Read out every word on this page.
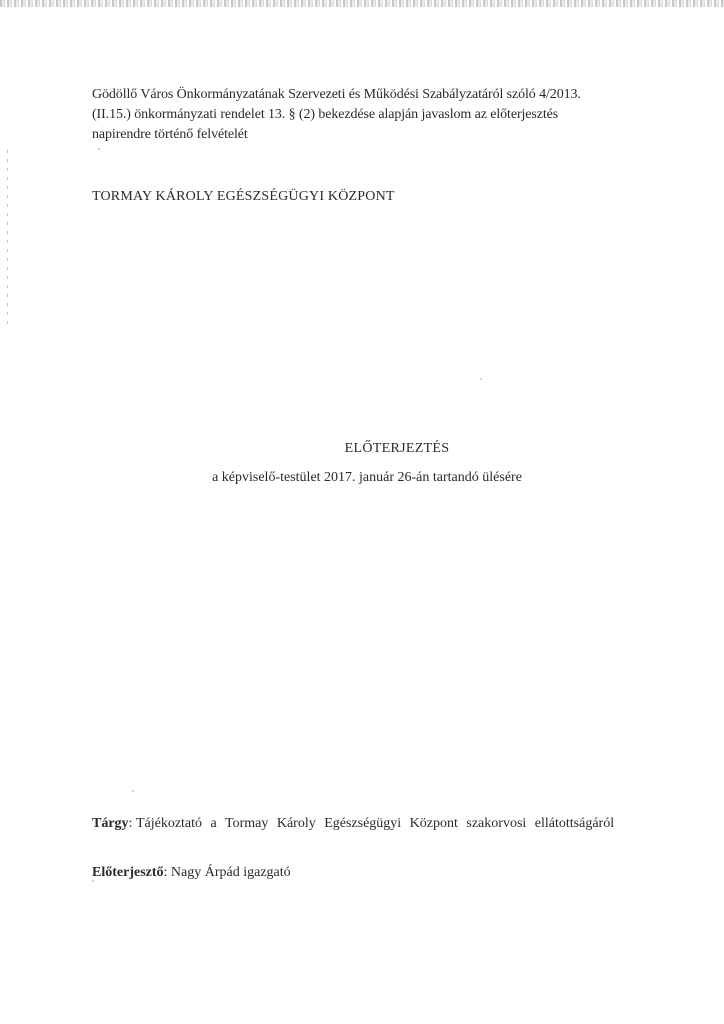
Gödöllő Város Önkormányzatának Szervezeti és Működési Szabályzatáról szóló 4/2013.

(II.15.) önkormányzati rendelet 13. § (2) bekezdése alapján javaslom az előterjesztés

napirendre történő felvételét

TORMAY KÁROLY EGÉSZSÉGÜGYI KÖZPONT
ELŐTERJEZTÉS
a képviselő-testület 2017. január 26-án tartandó ülésére
Tárgy: Tájékoztató a Tormay Károly Egészségügyi Központ szakorvosi ellátottságáról
Előterjesztő: Nagy Árpád igazgató
